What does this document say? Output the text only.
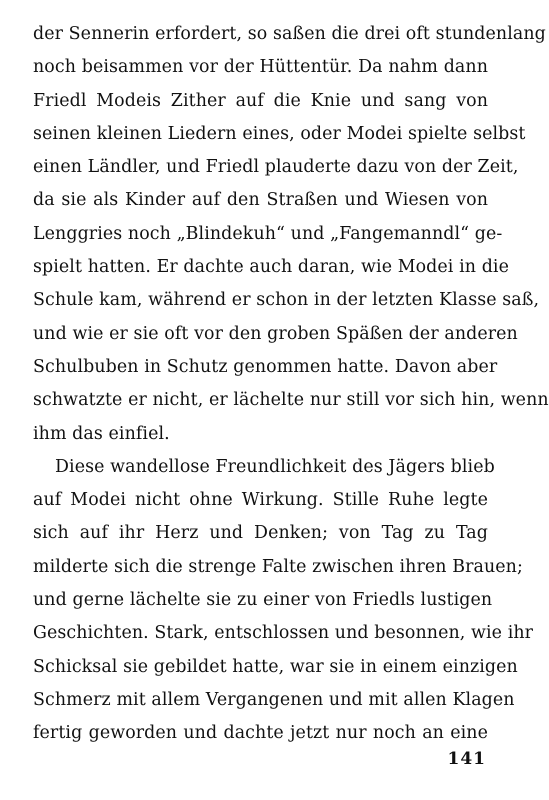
der Sennerin erfordert, so saßen die drei oft stundenlang
noch beisammen vor der Hüttentür. Da nahm dann
Friedl Modeis Zither auf die Knie und sang von
seinen kleinen Liedern eines, oder Modei spielte selbst
einen Ländler, und Friedl plauderte dazu von der Zeit,
da sie als Kinder auf den Straßen und Wiesen von
Lenggries noch „Blindekuh“ und „Fangemanndl“ ge-
spielt hatten. Er dachte auch daran, wie Modei in die
Schule kam, während er schon in der letzten Klasse saß,
und wie er sie oft vor den groben Späßen der anderen
Schulbuben in Schutz genommen hatte. Davon aber
schwatzte er nicht, er lächelte nur still vor sich hin, wenn
ihm das einfiel.
Diese wandellose Freundlichkeit des Jägers blieb
auf Modei nicht ohne Wirkung. Stille Ruhe legte
sich auf ihr Herz und Denken; von Tag zu Tag
milderte sich die strenge Falte zwischen ihren Brauen;
und gerne lächelte sie zu einer von Friedls lustigen
Geschichten. Stark, entschlossen und besonnen, wie ihr
Schicksal sie gebildet hatte, war sie in einem einzigen
Schmerz mit allem Vergangenen und mit allen Klagen
fertig geworden und dachte jetzt nur noch an eine
141
